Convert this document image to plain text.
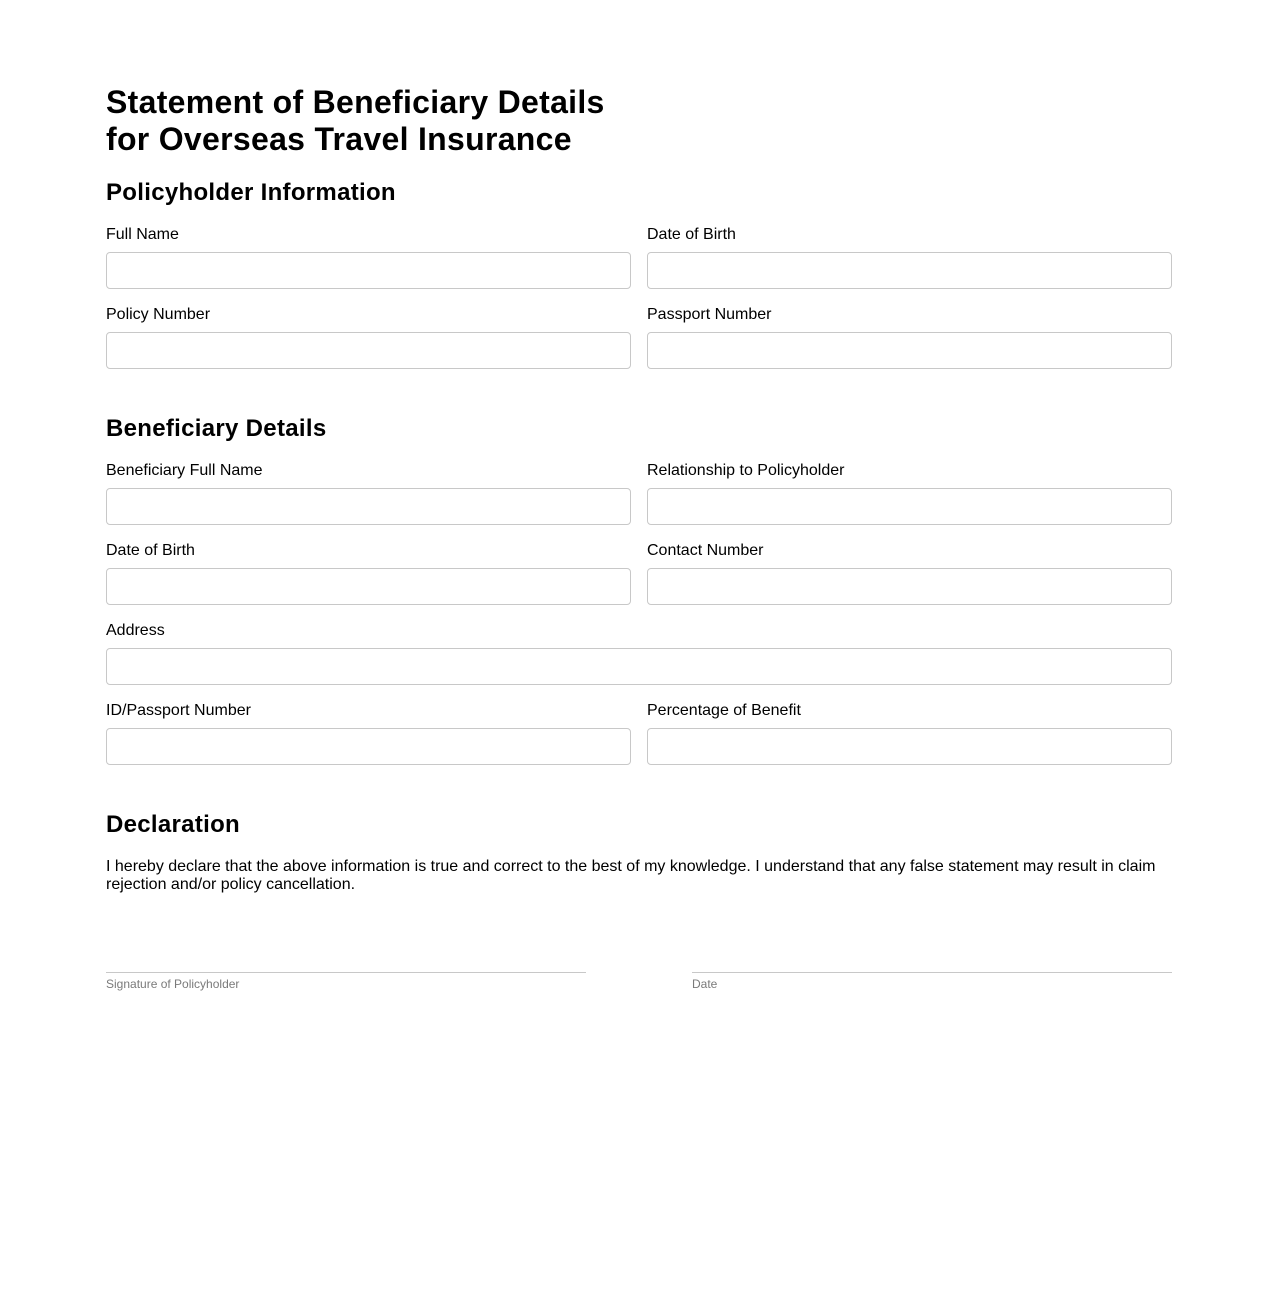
Statement of Beneficiary Details
for Overseas Travel Insurance
Policyholder Information
Full Name	Date of Birth
Policy Number	Passport Number
Beneficiary Details
Beneficiary Full Name	Relationship to Policyholder
Date of Birth	Contact Number
Address
ID/Passport Number	Percentage of Benefit
Declaration

I hereby declare that the above information is true and correct to the best of my knowledge. I understand that any false statement may result in claim rejection and/or policy cancellation.

Signature of Policyholder	Date
